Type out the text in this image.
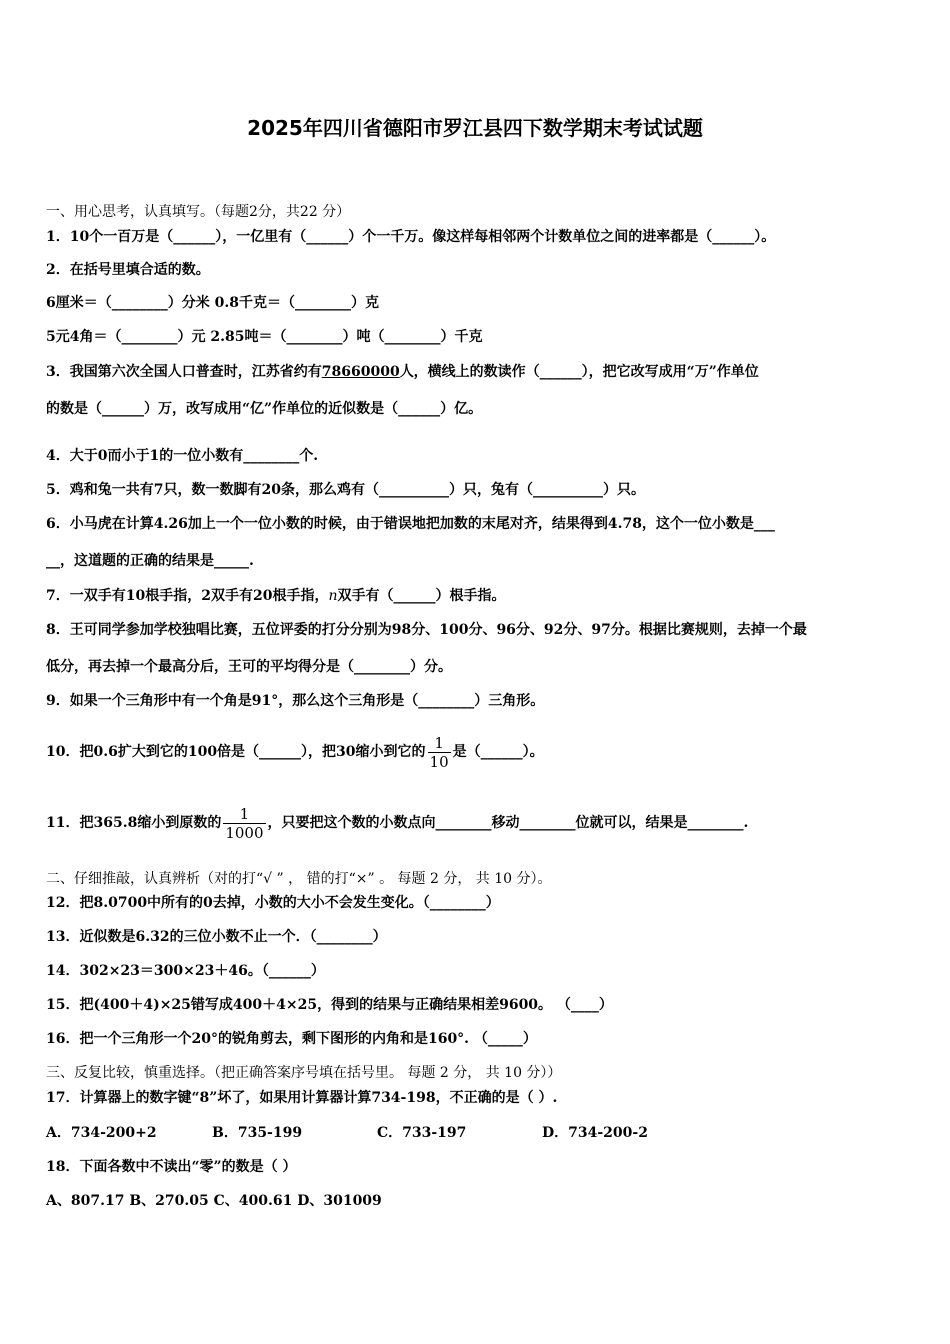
2025年四川省德阳市罗江县四下数学期末考试试题
一、用心思考，认真填写。（每题2分，共22 分）
1．10个一百万是（______），一亿里有（______）个一千万。像这样每相邻两个计数单位之间的进率都是（______）。
2．在括号里填合适的数。
6厘米＝（________）分米 0.8千克＝（________）克
5元4角＝（________）元 2.85吨＝（________）吨（________）千克
3．我国第六次全国人口普查时，江苏省约有78660000人，横线上的数读作（______），把它改写成用“万”作单位
的数是（______）万，改写成用“亿”作单位的近似数是（______）亿。
4．大于0而小于1的一位小数有________个.
5．鸡和兔一共有7只，数一数脚有20条，那么鸡有（__________）只，兔有（__________）只。
6．小马虎在计算4.26加上一个一位小数的时候，由于错误地把加数的末尾对齐，结果得到4.78，这个一位小数是___
__，这道题的正确的结果是_____.
7．一双手有10根手指，2双手有20根手指，n双手有（______）根手指。
8．王可同学参加学校独唱比赛，五位评委的打分分别为98分、100分、96分、92分、97分。根据比赛规则，去掉一个最
低分，再去掉一个最高分后，王可的平均得分是（________）分。
9．如果一个三角形中有一个角是91°，那么这个三角形是（________）三角形。
10．把0.6扩大到它的100倍是（______），把30缩小到它的 $\frac{1}{10}$ 是（______）。
11．把365.8缩小到原数的 $\frac{1}{1000}$ ，只要把这个数的小数点向________移动________位就可以，结果是________.
二、仔细推敲，认真辨析（对的打“√ ” ， 错的打“×” 。 每题 2 分， 共 10 分）。
12．把8.0700中所有的0去掉，小数的大小不会发生变化。（________）
13．近似数是6.32的三位小数不止一个．（________）
14．302×23＝300×23＋46。（______）
15．把(400＋4)×25错写成400＋4×25，得到的结果与正确结果相差9600。 （____）
16．把一个三角形一个20°的锐角剪去，剩下图形的内角和是160°. （_____）
三、反复比较，慎重选择。（把正确答案序号填在括号里。 每题 2 分， 共 10 分））
17．计算器上的数字键“8”坏了，如果用计算器计算734-198，不正确的是（ ）.
A．734-200+2	B．735-199	C．733-197	D．734-200-2
18．下面各数中不读出“零”的数是（ ）
A、807.17 B、270.05 C、400.61 D、301009
